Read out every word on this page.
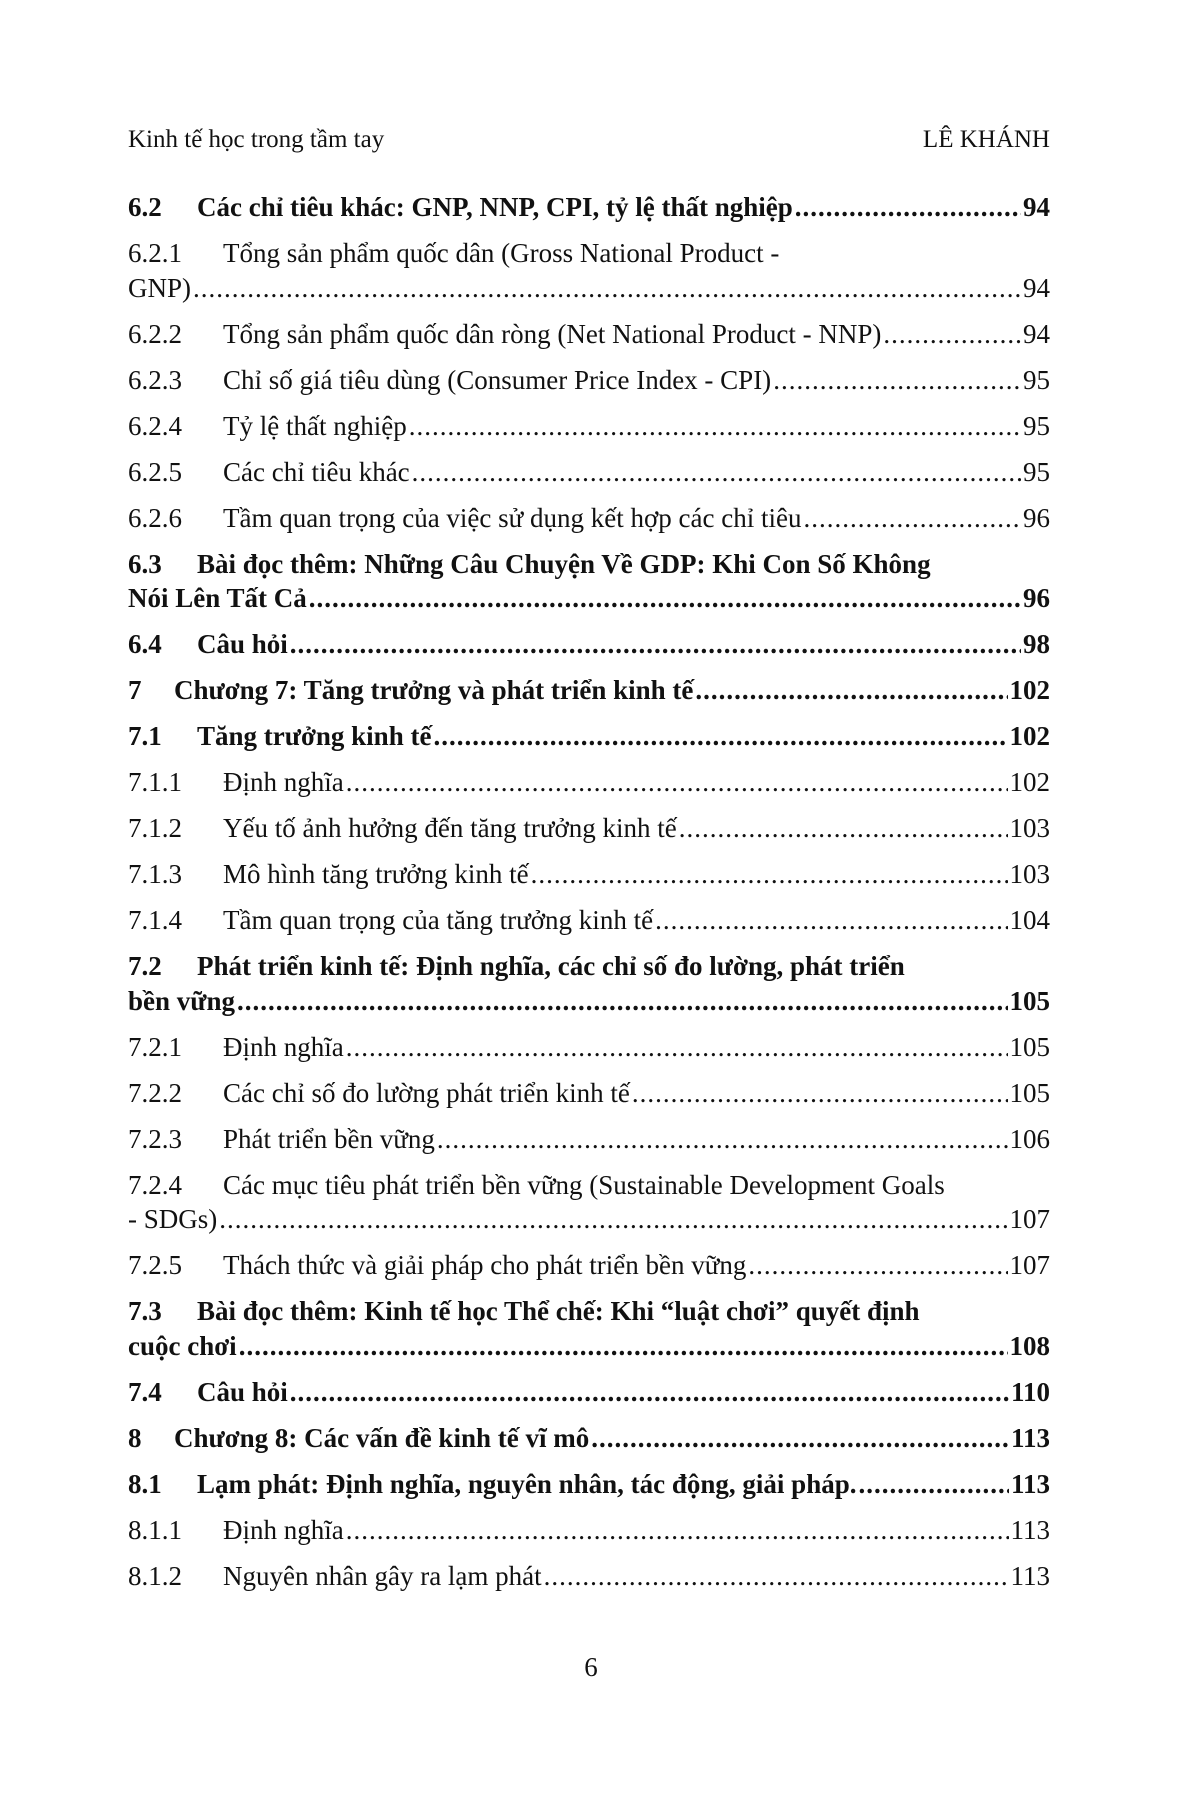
Kinh tế học trong tầm tay	LÊ KHÁNH
6.2	Các chỉ tiêu khác: GNP, NNP, CPI, tỷ lệ thất nghiệp .....	94
6.2.1	Tổng sản phẩm quốc dân (Gross National Product -
GNP) .....	94
6.2.2	Tổng sản phẩm quốc dân ròng (Net National Product - NNP) .....	94
6.2.3	Chỉ số giá tiêu dùng (Consumer Price Index - CPI) .....	95
6.2.4	Tỷ lệ thất nghiệp .....	95
6.2.5	Các chỉ tiêu khác .....	95
6.2.6	Tầm quan trọng của việc sử dụng kết hợp các chỉ tiêu .....	96
6.3	Bài đọc thêm: Những Câu Chuyện Về GDP: Khi Con Số Không
Nói Lên Tất Cả .....	96
6.4	Câu hỏi .....	98
7	Chương 7: Tăng trưởng và phát triển kinh tế .....	102
7.1	Tăng trưởng kinh tế .....	102
7.1.1	Định nghĩa .....	102
7.1.2	Yếu tố ảnh hưởng đến tăng trưởng kinh tế .....	103
7.1.3	Mô hình tăng trưởng kinh tế .....	103
7.1.4	Tầm quan trọng của tăng trưởng kinh tế .....	104
7.2	Phát triển kinh tế: Định nghĩa, các chỉ số đo lường, phát triển
bền vững .....	105
7.2.1	Định nghĩa .....	105
7.2.2	Các chỉ số đo lường phát triển kinh tế .....	105
7.2.3	Phát triển bền vững .....	106
7.2.4	Các mục tiêu phát triển bền vững (Sustainable Development Goals
- SDGs) .....	107
7.2.5	Thách thức và giải pháp cho phát triển bền vững .....	107
7.3	Bài đọc thêm: Kinh tế học Thể chế: Khi “luật chơi” quyết định
cuộc chơi .....	108
7.4	Câu hỏi .....	110
8	Chương 8: Các vấn đề kinh tế vĩ mô .....	113
8.1	Lạm phát: Định nghĩa, nguyên nhân, tác động, giải pháp. .....	113
8.1.1	Định nghĩa .....	113
8.1.2	Nguyên nhân gây ra lạm phát .....	113
6
